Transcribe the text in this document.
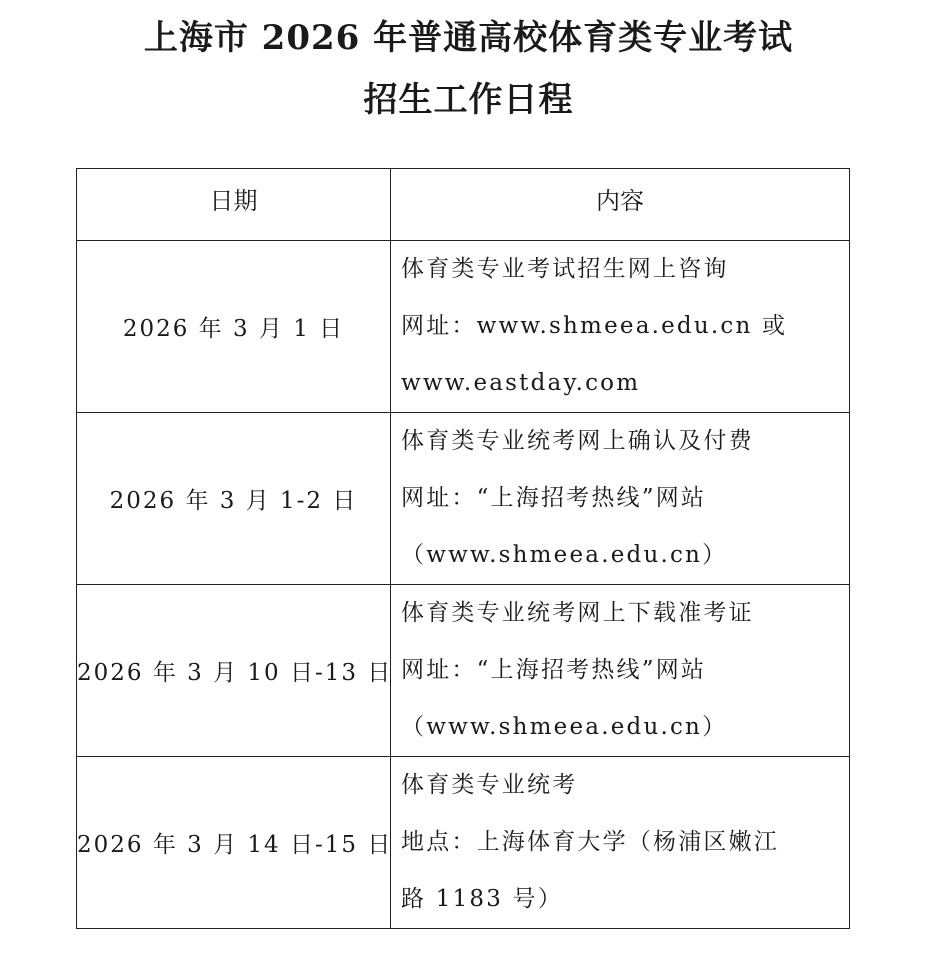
上海市 2026 年普通高校体育类专业考试
招生工作日程
日期	内容

2026 年 3 月 1 日	体育类专业考试招生网上咨询
网址：www.shmeea.edu.cn 或
www.eastday.com

2026 年 3 月 1-2 日	体育类专业统考网上确认及付费
网址：“上海招考热线”网站
（www.shmeea.edu.cn）

2026 年 3 月 10 日-13 日	体育类专业统考网上下载准考证
网址：“上海招考热线”网站
（www.shmeea.edu.cn）

2026 年 3 月 14 日-15 日	体育类专业统考
地点：上海体育大学（杨浦区嫩江
路 1183 号）
